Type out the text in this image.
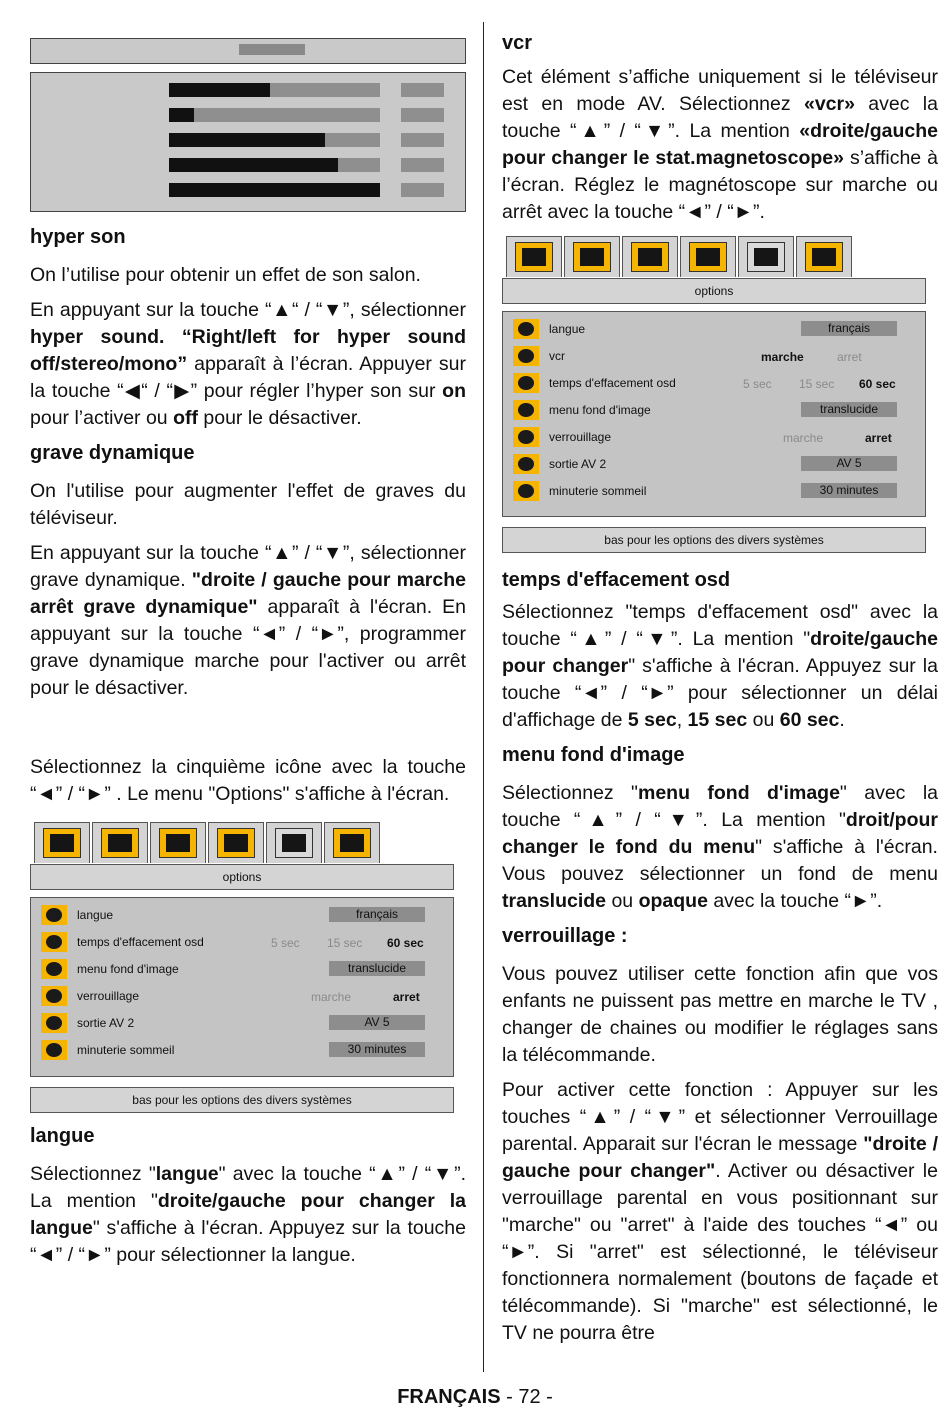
hyper son

On l’utilise pour obtenir un effet de son salon.

En appuyant sur la touche “▲“ / “▼”, sélectionner hyper sound. “Right/left for hyper sound off/stereo/mono” apparaît à l’écran. Appuyer sur la touche “◀“ / “▶” pour régler l’hyper son sur on pour l’activer ou off pour le désactiver.

grave dynamique

On l'utilise pour augmenter l'effet de graves du téléviseur.

En appuyant sur la touche “▲” / “▼”, sélectionner grave dynamique. "droite / gauche pour marche arrêt grave dynamique" apparaît à l'écran. En appuyant sur la touche “◄” / “►”, programmer grave dynamique marche pour l'activer ou arrêt pour le désactiver.

Sélectionnez la cinquième icône avec la touche “◄” / “►” . Le menu "Options" s'affiche à l'écran.

options
langue	français
temps d'effacement osd	5 sec 15 sec 60 sec
menu fond d'image	translucide
verrouillage	marche	arret
sortie AV 2	AV 5
minuterie sommeil	30 minutes
bas pour les options des divers systèmes
langue

Sélectionnez "langue" avec la touche “▲” / “▼”. La mention "droite/gauche pour changer la langue" s'affiche à l'écran. Appuyez sur la touche “◄” / “►” pour sélectionner la langue.

vcr

Cet élément s’affiche uniquement si le téléviseur est en mode AV. Sélectionnez «vcr» avec la touche “▲” / “▼”. La mention «droite/gauche pour changer le stat.magnetoscope» s’affiche à l’écran. Réglez le magnétoscope sur marche ou arrêt avec la touche “◄” / “►”.

options
langue	français
vcr	marche	arret
temps d'effacement osd	5 sec 15 sec 60 sec
menu fond d'image	translucide
verrouillage	marche	arret
sortie AV 2	AV 5
minuterie sommeil	30 minutes
bas pour les options des divers systèmes
temps d'effacement osd

Sélectionnez "temps d'effacement osd" avec la touche “▲” / “▼”. La mention "droite/gauche pour changer" s'affiche à l'écran. Appuyez sur la touche “◄” / “►” pour sélectionner un délai d'affichage de 5 sec, 15 sec ou 60 sec.

menu fond d'image

Sélectionnez "menu fond d'image" avec la touche “▲” / “▼”. La mention "droit/pour changer le fond du menu" s'affiche à l'écran. Vous pouvez sélectionner un fond de menu translucide ou opaque avec la touche “►”.

verrouillage :

Vous pouvez utiliser cette fonction afin que vos enfants ne puissent pas mettre en marche le TV , changer de chaines ou modifier le réglages sans la télécommande.

Pour activer cette fonction : Appuyer sur les touches “▲” / “▼” et sélectionner Verrouillage parental. Apparait sur l'écran le message "droite / gauche pour changer". Activer ou désactiver le verrouillage parental en vous positionnant sur "marche" ou "arret" à l'aide des touches “◄” ou “►”. Si "arret" est sélectionné, le téléviseur fonctionnera normalement (boutons de façade et télécommande). Si "marche" est sélectionné, le TV ne pourra être

FRANÇAIS - 72 -
